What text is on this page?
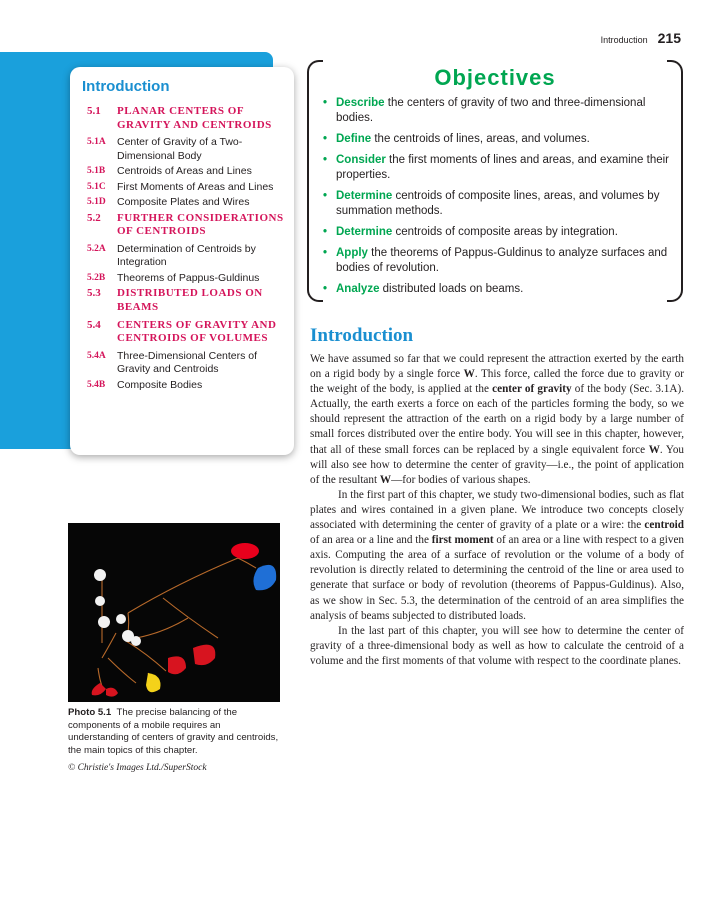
Introduction 215
Introduction
5.1	PLANAR CENTERS OF GRAVITY AND CENTROIDS
5.1A	Center of Gravity of a Two-Dimensional Body
5.1B	Centroids of Areas and Lines
5.1C	First Moments of Areas and Lines
5.1D	Composite Plates and Wires
5.2	FURTHER CONSIDERATIONS OF CENTROIDS
5.2A	Determination of Centroids by Integration
5.2B	Theorems of Pappus-Guldinus
5.3	DISTRIBUTED LOADS ON BEAMS
5.4	CENTERS OF GRAVITY AND CENTROIDS OF VOLUMES
5.4A	Three-Dimensional Centers of Gravity and Centroids
5.4B	Composite Bodies
Objectives
• Describe the centers of gravity of two and three-dimensional bodies.
• Define the centroids of lines, areas, and volumes.
• Consider the first moments of lines and areas, and examine their properties.
• Determine centroids of composite lines, areas, and volumes by summation methods.
• Determine centroids of composite areas by integration.
• Apply the theorems of Pappus-Guldinus to analyze surfaces and bodies of revolution.
• Analyze distributed loads on beams.
Introduction

We have assumed so far that we could represent the attraction exerted by the earth on a rigid body by a single force W. This force, called the force due to gravity or the weight of the body, is applied at the center of gravity of the body (Sec. 3.1A). Actually, the earth exerts a force on each of the particles forming the body, so we should represent the attraction of the earth on a rigid body by a large number of small forces distributed over the entire body. You will see in this chapter, however, that all of these small forces can be replaced by a single equivalent force W. You will also see how to determine the center of gravity—i.e., the point of application of the resultant W—for bodies of various shapes.

In the first part of this chapter, we study two-dimensional bodies, such as flat plates and wires contained in a given plane. We introduce two concepts closely associated with determining the center of gravity of a plate or a wire: the centroid of an area or a line and the first moment of an area or a line with respect to a given axis. Computing the area of a surface of revolution or the volume of a body of revolution is directly related to determining the centroid of the line or area used to generate that surface or body of revolution (theorems of Pappus-Guldinus). Also, as we show in Sec. 5.3, the determination of the centroid of an area simplifies the analysis of beams subjected to distributed loads.

In the last part of this chapter, you will see how to determine the center of gravity of a three-dimensional body as well as how to calculate the centroid of a volume and the first moments of that volume with respect to the coordinate planes.

Photo 5.1 The precise balancing of the components of a mobile requires an understanding of centers of gravity and centroids, the main topics of this chapter.
© Christie's Images Ltd./SuperStock
